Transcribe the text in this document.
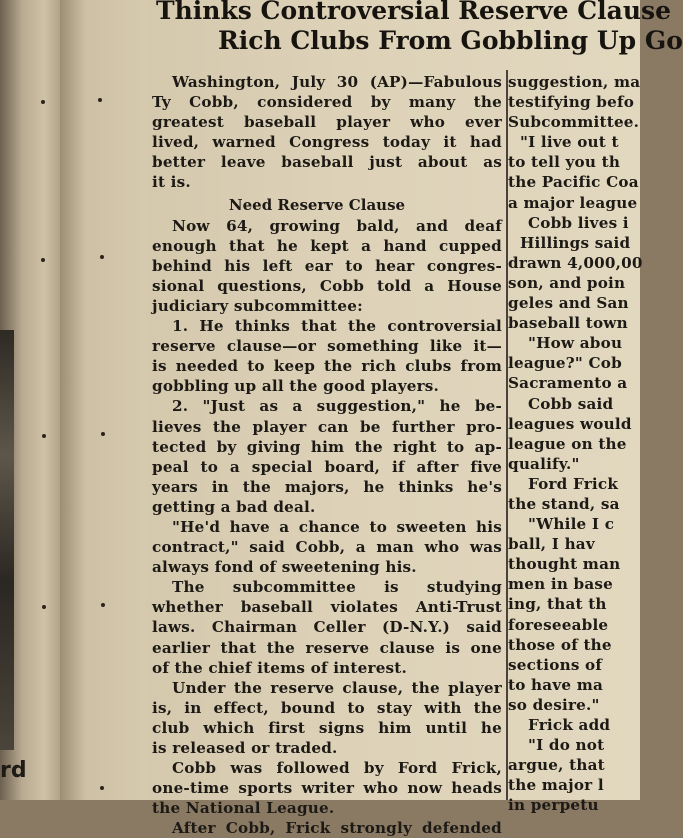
rd
Thinks Controversial Reserve Clause
Rich Clubs From Gobbling Up Go
Washington, July 30 (AP)—Fabulous
Ty Cobb, considered by many the
greatest baseball player who ever
lived, warned Congress today it had
better leave baseball just about as
it is.
Need Reserve Clause
Now 64, growing bald, and deaf
enough that he kept a hand cupped
behind his left ear to hear congres-
sional questions, Cobb told a House
judiciary subcommittee:
1. He thinks that the controversial
reserve clause—or something like it—
is needed to keep the rich clubs from
gobbling up all the good players.
2. "Just as a suggestion," he be-
lieves the player can be further pro-
tected by giving him the right to ap-
peal to a special board, if after five
years in the majors, he thinks he's
getting a bad deal.
"He'd have a chance to sweeten his
contract," said Cobb, a man who was
always fond of sweetening his.
The subcommittee is studying
whether baseball violates Anti-Trust
laws. Chairman Celler (D-N.Y.) said
earlier that the reserve clause is one
of the chief items of interest.
Under the reserve clause, the player
is, in effect, bound to stay with the
club which first signs him until he
is released or traded.
Cobb was followed by Ford Frick,
one-time sports writer who now heads
the National League.
After Cobb, Frick strongly defended
suggestion, ma
testifying befo
Subcommittee.
"I live out t
to tell you th
the Pacific Coa
a major league
Cobb lives i
Hillings said
drawn 4,000,00
son, and poin
geles and San
baseball town
"How abou
league?" Cob
Sacramento a
Cobb said
leagues would
league on the
qualify."
Ford Frick
the stand, sa
"While I c
ball, I hav
thought man
men in base
ing, that th
foreseeable
those of the
sections of
to have ma
so desire."
Frick add
"I do not
argue, that
the major l
in perpetu
